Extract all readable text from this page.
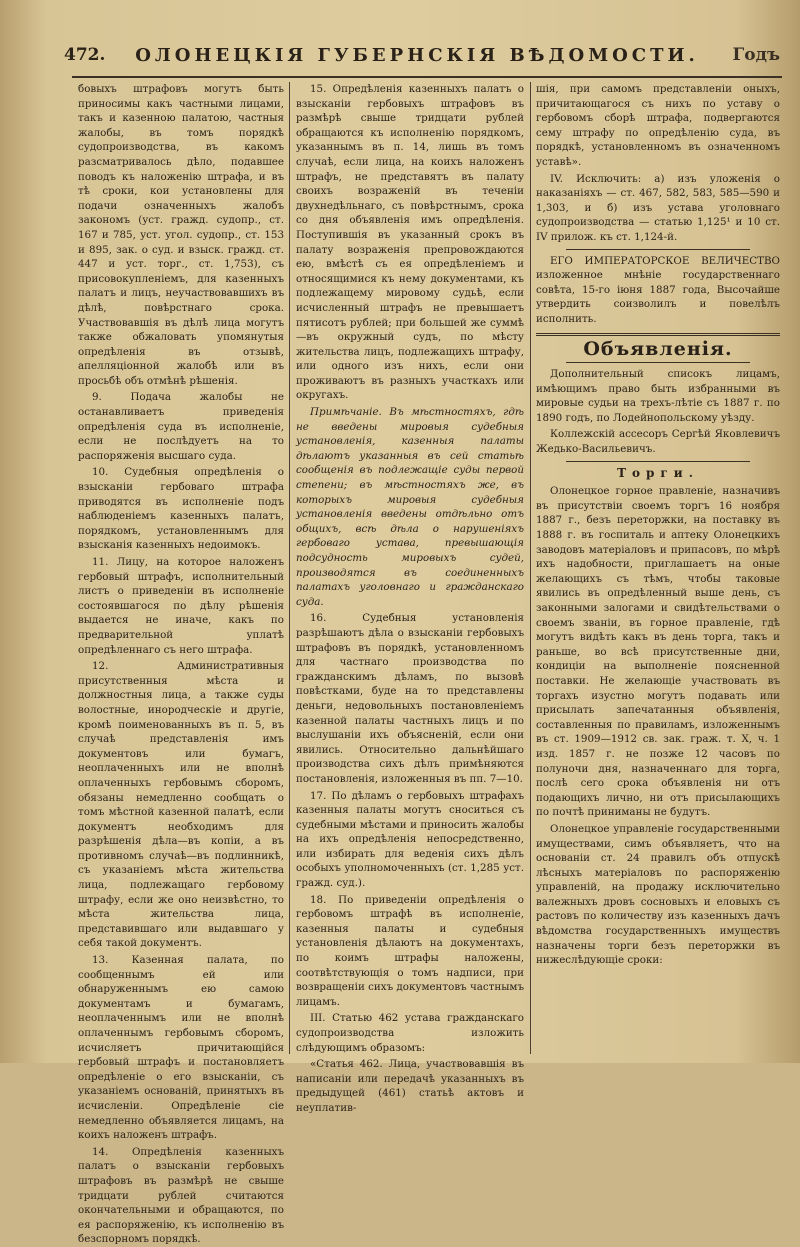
472.	ОЛОНЕЦКІЯ ГУБЕРНСКІЯ ВѢДОМОСТИ.	Годъ

бовыхъ штрафовъ могутъ быть приносимы какъ частными лицами, такъ и казенною палатою, частныя жалобы, въ томъ порядкѣ судопроизводства, въ какомъ разсматривалось дѣло, подавшее поводъ къ наложенію штрафа, и въ тѣ сроки, кои установлены для подачи означенныхъ жалобъ закономъ (уст. гражд. судопр., ст. 167 и 785, уст. угол. судопр., ст. 153 и 895, зак. о суд. и взыск. гражд. ст. 447 и уст. торг., ст. 1,753), съ присовокупленіемъ, для казенныхъ палатъ и лицъ, неучаствовавшихъ въ дѣлѣ, повѣрстнаго срока. Участвовавшія въ дѣлѣ лица могутъ также обжаловать упомянутыя опредѣленія въ отзывѣ, апелляціонной жалобѣ или въ просьбѣ объ отмѣнѣ рѣшенія.

9. Подача жалобы не останавливаетъ приведенія опредѣленія суда въ исполненіе, если не послѣдуетъ на то распоряженія высшаго суда.

10. Судебныя опредѣленія о взысканіи гербоваго штрафа приводятся въ исполненіе подъ наблюденіемъ казенныхъ палатъ, порядкомъ, установленнымъ для взысканія казенныхъ недоимокъ.

11. Лицу, на которое наложенъ гербовый штрафъ, исполнительный листъ о приведеніи въ исполненіе состоявшагося по дѣлу рѣшенія выдается не иначе, какъ по предварительной уплатѣ опредѣленнаго съ него штрафа.

12. Административныя присутственныя мѣста и должностныя лица, а также суды волостные, инородческіе и другіе, кромѣ поименованныхъ въ п. 5, въ случаѣ представленія имъ документовъ или бумагъ, неоплаченныхъ или не вполнѣ оплаченныхъ гербовымъ сборомъ, обязаны немедленно сообщать о томъ мѣстной казенной палатѣ, если документъ необходимъ для разрѣшенія дѣла—въ копіи, а въ противномъ случаѣ—въ подлинникѣ, съ указаніемъ мѣста жительства лица, подлежащаго гербовому штрафу, если же оно неизвѣстно, то мѣста жительства лица, представившаго или выдавшаго у себя такой документъ.

13. Казенная палата, по сообщеннымъ ей или обнаруженнымъ ею самою документамъ и бумагамъ, неоплаченнымъ или не вполнѣ оплаченнымъ гербовымъ сборомъ, исчисляетъ причитающійся гербовый штрафъ и постановляетъ опредѣленіе о его взысканіи, съ указаніемъ основаній, принятыхъ въ исчисленіи. Опредѣленіе сіе немедленно объявляется лицамъ, на коихъ наложенъ штрафъ.

14. Опредѣленія казенныхъ палатъ о взысканіи гербовыхъ штрафовъ въ размѣрѣ не свыше тридцати рублей считаются окончательными и обращаются, по ея распоряженію, къ исполненію въ безспорномъ порядкѣ.

15. Опредѣленія казенныхъ палатъ о взысканіи гербовыхъ штрафовъ въ размѣрѣ свыше тридцати рублей обращаются къ исполненію порядкомъ, указаннымъ въ п. 14, лишь въ томъ случаѣ, если лица, на коихъ наложенъ штрафъ, не представятъ въ палату своихъ возраженій въ теченіи двухнедѣльнаго, съ повѣрстнымъ, срока со дня объявленія имъ опредѣленія. Поступившія въ указанный срокъ въ палату возраженія препровождаются ею, вмѣстѣ съ ея опредѣленіемъ и относящимися къ нему документами, къ подлежащему мировому судьѣ, если исчисленный штрафъ не превышаетъ пятисотъ рублей; при большей же суммѣ—въ окружный судъ, по мѣсту жительства лицъ, подлежащихъ штрафу, или одного изъ нихъ, если они проживаютъ въ разныхъ участкахъ или округахъ.

Примѣчаніе. Въ мѣстностяхъ, гдѣ не введены мировыя судебныя установленія, казенныя палаты дѣлаютъ указанныя въ сей статьѣ сообщенія въ подлежащіе суды первой степени; въ мѣстностяхъ же, въ которыхъ мировыя судебныя установленія введены отдѣльно отъ общихъ, всѣ дѣла о нарушеніяхъ гербоваго устава, превышающія подсудность мировыхъ судей, производятся въ соединенныхъ палатахъ уголовнаго и гражданскаго суда.

16. Судебныя установленія разрѣшаютъ дѣла о взысканіи гербовыхъ штрафовъ въ порядкѣ, установленномъ для частнаго производства по гражданскимъ дѣламъ, по вызовѣ повѣстками, буде на то представлены деньги, недовольныхъ постановленіемъ казенной палаты частныхъ лицъ и по выслушаніи ихъ объясненій, если они явились. Относительно дальнѣйшаго производства сихъ дѣлъ примѣняются постановленія, изложенныя въ пп. 7—10.

17. По дѣламъ о гербовыхъ штрафахъ казенныя палаты могутъ сноситься съ судебными мѣстами и приносить жалобы на ихъ опредѣленія непосредственно, или избирать для веденія сихъ дѣлъ особыхъ уполномоченныхъ (ст. 1,285 уст. гражд. суд.).

18. По приведеніи опредѣленія о гербовомъ штрафѣ въ исполненіе, казенныя палаты и судебныя установленія дѣлаютъ на документахъ, по коимъ штрафы наложены, соотвѣтствующія о томъ надписи, при возвращеніи сихъ документовъ частнымъ лицамъ.

III. Статью 462 устава гражданскаго судопроизводства изложить слѣдующимъ образомъ:

«Статья 462. Лица, участвовавшія въ написаніи или передачѣ указанныхъ въ предыдущей (461) статьѣ актовъ и неуплатив-

шія, при самомъ представленіи оныхъ, причитающагося съ нихъ по уставу о гербовомъ сборѣ штрафа, подвергаются сему штрафу по опредѣленію суда, въ порядкѣ, установленномъ въ означенномъ уставѣ».

IV. Исключить: а) изъ уложенія о наказаніяхъ — ст. 467, 582, 583, 585—590 и 1,303, и б) изъ устава уголовнаго судопроизводства — статью 1,125¹ и 10 ст. IV прилож. къ ст. 1,124-й.

ЕГО ИМПЕРАТОРСКОЕ ВЕЛИЧЕСТВО изложенное мнѣніе государственнаго совѣта, 15-го іюня 1887 года, Высочайше утвердить соизволилъ и повелѣлъ исполнить.

Объявленія.

Дополнительный списокъ лицамъ, имѣющимъ право быть избранными въ мировые судьи на трехъ-лѣтіе съ 1887 г. по 1890 годъ, по Лодейнопольскому уѣзду.

Коллежскій ассесоръ Сергѣй Яковлевичъ Жедько-Васильевичъ.

Торги.

Олонецкое горное правленіе, назначивъ въ присутствіи своемъ торгъ 16 ноября 1887 г., безъ переторжки, на поставку въ 1888 г. въ госпиталь и аптеку Олонецкихъ заводовъ матеріаловъ и припасовъ, по мѣрѣ ихъ надобности, приглашаетъ на оные желающихъ съ тѣмъ, чтобы таковые явились въ опредѣленный выше день, съ законными залогами и свидѣтельствами о своемъ званіи, въ горное правленіе, гдѣ могутъ видѣть какъ въ день торга, такъ и раньше, во всѣ присутственные дни, кондиціи на выполненіе поясненной поставки. Не желающіе участвовать въ торгахъ изустно могутъ подавать или присылать запечатанныя объявленія, составленныя по правиламъ, изложеннымъ въ ст. 1909—1912 св. зак. граж. т. X, ч. 1 изд. 1857 г. не позже 12 часовъ по полуночи дня, назначеннаго для торга, послѣ сего срока объявленія ни отъ подающихъ лично, ни отъ присылающихъ по почтѣ приниманы не будутъ.

Олонецкое управленіе государственными имуществами, симъ объявляетъ, что на основаніи ст. 24 правилъ объ отпускѣ лѣсныхъ матеріаловъ по распоряженію управленій, на продажу исключительно валежныхъ дровъ сосновыхъ и еловыхъ съ растовъ по количеству изъ казенныхъ дачъ вѣдомства государственныхъ имуществъ назначены торги безъ переторжки въ нижеслѣдующіе сроки:
